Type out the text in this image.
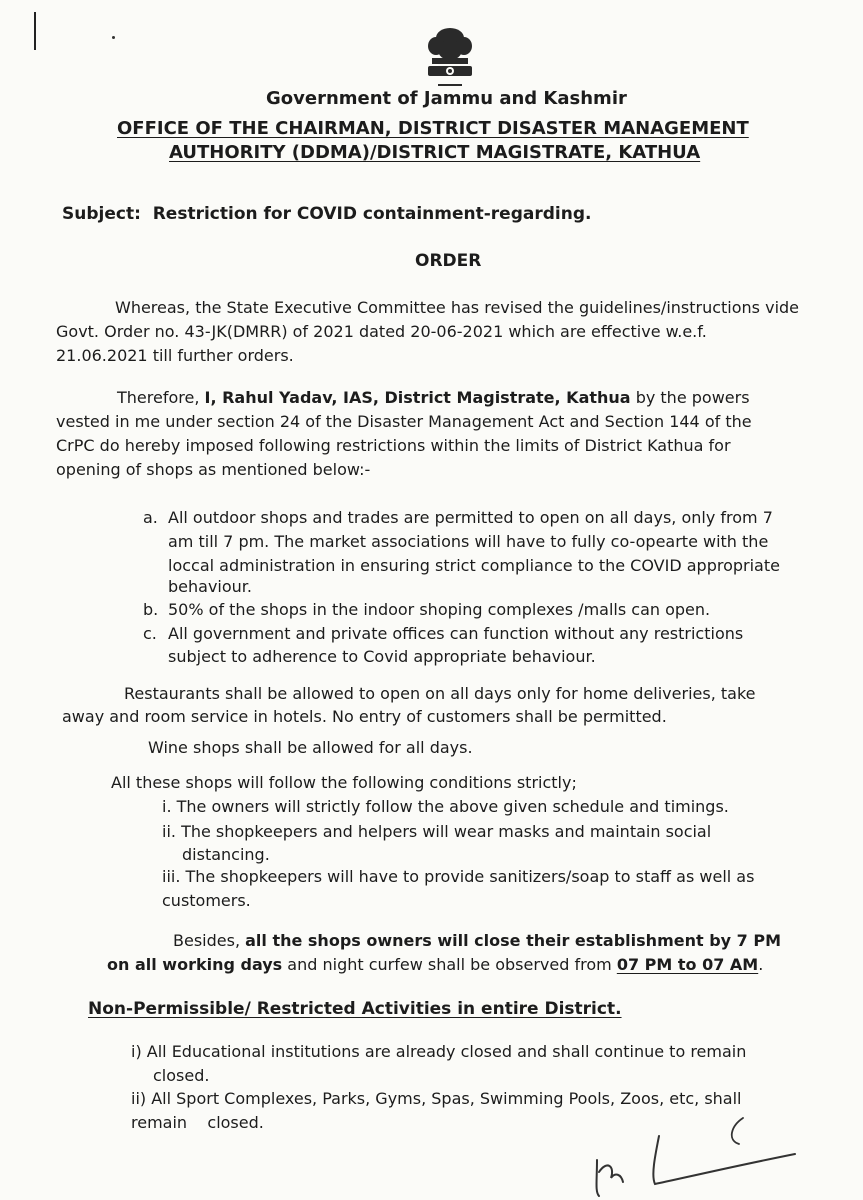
Government of Jammu and Kashmir
OFFICE OF THE CHAIRMAN, DISTRICT DISASTER MANAGEMENT
AUTHORITY (DDMA)/DISTRICT MAGISTRATE, KATHUA
Subject: Restriction for COVID containment-regarding.
ORDER
Whereas, the State Executive Committee has revised the guidelines/instructions vide
Govt. Order no. 43-JK(DMRR) of 2021 dated 20-06-2021 which are effective w.e.f.
21.06.2021 till further orders.
Therefore, I, Rahul Yadav, IAS, District Magistrate, Kathua by the powers
vested in me under section 24 of the Disaster Management Act and Section 144 of the
CrPC do hereby imposed following restrictions within the limits of District Kathua for
opening of shops as mentioned below:-
a. All outdoor shops and trades are permitted to open on all days, only from 7
am till 7 pm. The market associations will have to fully co-opearte with the
loccal administration in ensuring strict compliance to the COVID appropriate
behaviour.
b. 50% of the shops in the indoor shoping complexes /malls can open.
c. All government and private offices can function without any restrictions
subject to adherence to Covid appropriate behaviour.
Restaurants shall be allowed to open on all days only for home deliveries, take
away and room service in hotels. No entry of customers shall be permitted.
Wine shops shall be allowed for all days.
All these shops will follow the following conditions strictly;
i. The owners will strictly follow the above given schedule and timings.
ii. The shopkeepers and helpers will wear masks and maintain social
distancing.
iii. The shopkeepers will have to provide sanitizers/soap to staff as well as
customers.
Besides, all the shops owners will close their establishment by 7 PM
on all working days and night curfew shall be observed from 07 PM to 07 AM.
Non-Permissible/ Restricted Activities in entire District.
i) All Educational institutions are already closed and shall continue to remain
closed.
ii) All Sport Complexes, Parks, Gyms, Spas, Swimming Pools, Zoos, etc, shall
remain    closed.
